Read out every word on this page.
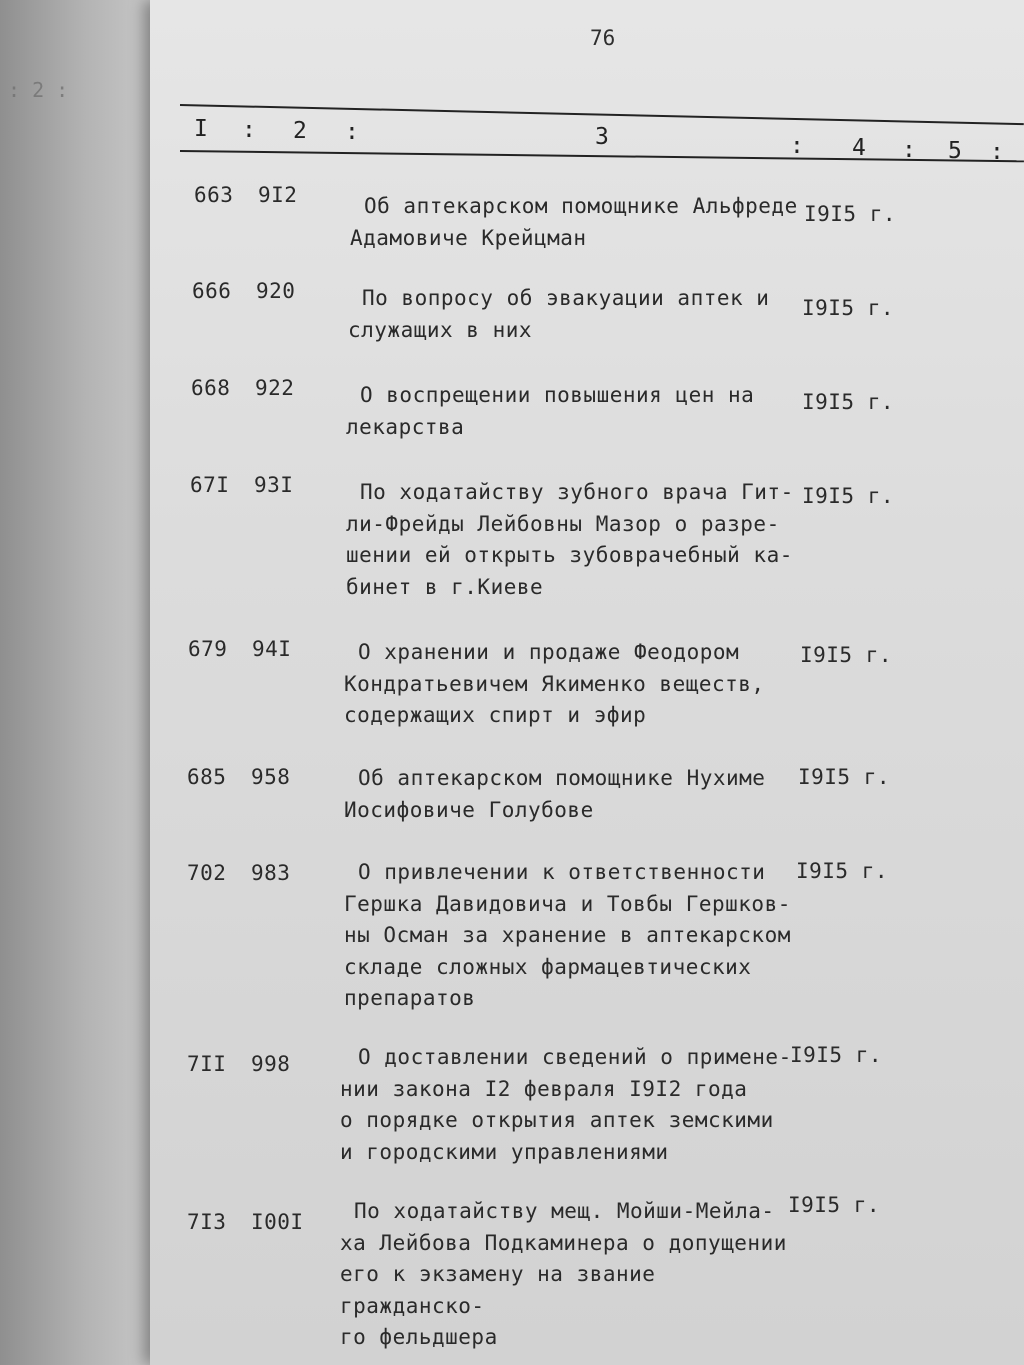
: 2 :
76
I : 2 :	3	: 4 : 5 :
663 9I2	Об аптекарском помощнике Альфреде
Адамовиче Крейцман
I9I5 г.
666 920	По вопросу об эвакуации аптек и
служащих в них
I9I5 г.
668 922	О воспрещении повышения цен на
лекарства
I9I5 г.
67I 93I	По ходатайству зубного врача Гит-
ли-Фрейды Лейбовны Мазор о разре-
шении ей открыть зубоврачебный ка-
бинет в г.Киеве
I9I5 г.
679 94I	О хранении и продаже Феодором
Кондратьевичем Якименко веществ,
содержащих спирт и эфир
I9I5 г.
685 958	Об аптекарском помощнике Нухиме
Иосифовиче Голубове
I9I5 г.
702 983	О привлечении к ответственности
Гершка Давидовича и Товбы Гершков-
ны Осман за хранение в аптекарском
складе сложных фармацевтических
препаратов
I9I5 г.
7II 998	О доставлении сведений о примене-
нии закона I2 февраля I9I2 года
о порядке открытия аптек земскими
и городскими управлениями
I9I5 г.
7I3 I00I	По ходатайству мещ. Мойши-Мейла-
ха Лейбова Подкаминера о допущении
его к экзамену на звание гражданско-
го фельдшера
I9I5 г.
